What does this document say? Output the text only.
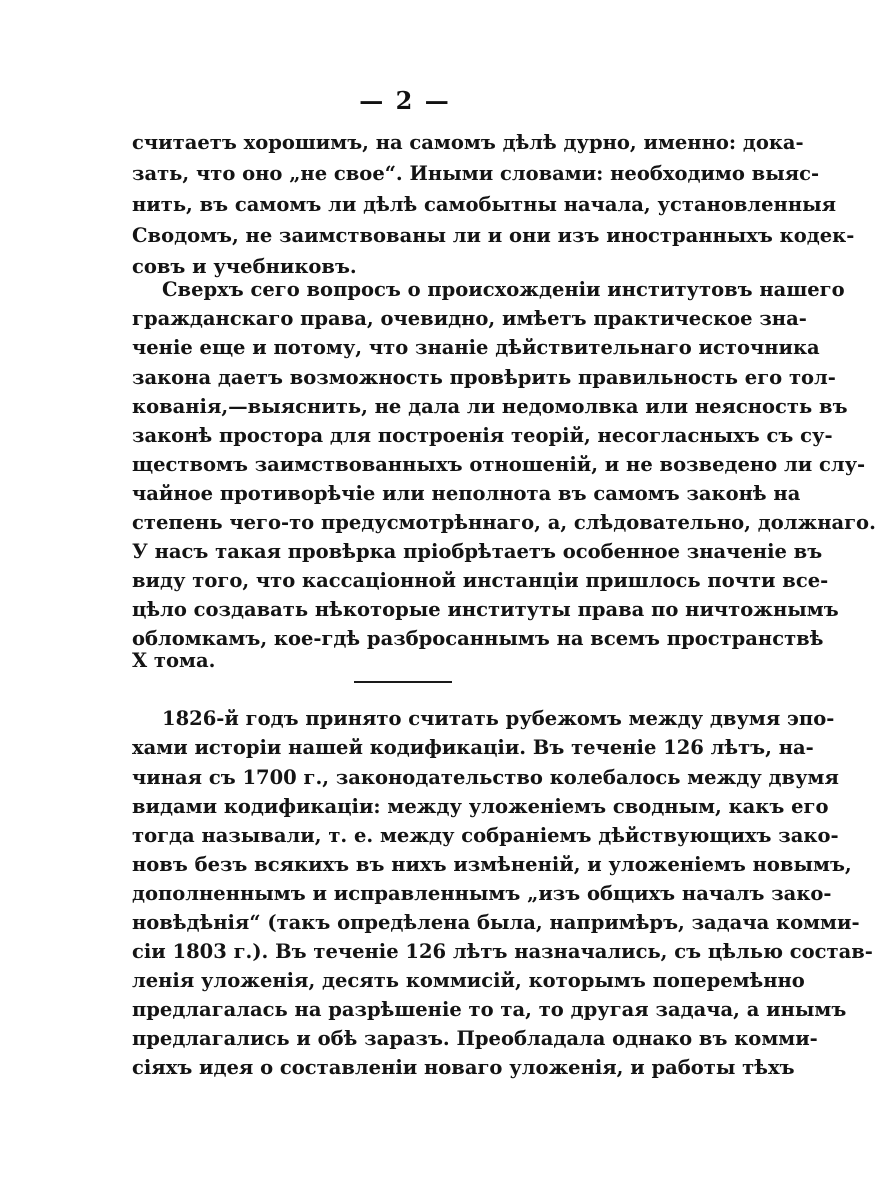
— 2 —
считаетъ хорошимъ, на самомъ дѣлѣ дурно, именно: дока-
зать, что оно „не свое“. Иными словами: необходимо выяс-
нить, въ самомъ ли дѣлѣ самобытны начала, установленныя
Сводомъ, не заимствованы ли и они изъ иностранныхъ кодек-
совъ и учебниковъ.
Сверхъ сего вопросъ о происхожденіи институтовъ нашего
гражданскаго права, очевидно, имѣетъ практическое зна-
ченіе еще и потому, что знаніе дѣйствительнаго источника
закона даетъ возможность провѣрить правильность его тол-
кованія,—выяснить, не дала ли недомолвка или неясность въ
законѣ простора для построенія теорій, несогласныхъ съ су-
ществомъ заимствованныхъ отношеній, и не возведено ли слу-
чайное противорѣчіе или неполнота въ самомъ законѣ на
степень чего-то предусмотрѣннаго, а, слѣдовательно, должнаго.
У насъ такая провѣрка пріобрѣтаетъ особенное значеніе въ
виду того, что кассаціонной инстанціи пришлось почти все-
цѣло создавать нѣкоторые институты права по ничтожнымъ
обломкамъ, кое-гдѣ разбросаннымъ на всемъ пространствѣ
X тома.
1826-й годъ принято считать рубежомъ между двумя эпо-
хами исторіи нашей кодификаціи. Въ теченіе 126 лѣтъ, на-
чиная съ 1700 г., законодательство колебалось между двумя
видами кодификаціи: между уложеніемъ сводным, какъ его
тогда называли, т. е. между собраніемъ дѣйствующихъ зако-
новъ безъ всякихъ въ нихъ измѣненій, и уложеніемъ новымъ,
дополненнымъ и исправленнымъ „изъ общихъ началъ зако-
новѣдѣнія“ (такъ опредѣлена была, напримѣръ, задача комми-
сіи 1803 г.). Въ теченіе 126 лѣтъ назначались, съ цѣлью состав-
ленія уложенія, десять коммисій, которымъ поперемѣнно
предлагалась на разрѣшеніе то та, то другая задача, а инымъ
предлагались и обѣ заразъ. Преобладала однако въ комми-
сіяхъ идея о составленіи новаго уложенія, и работы тѣхъ
